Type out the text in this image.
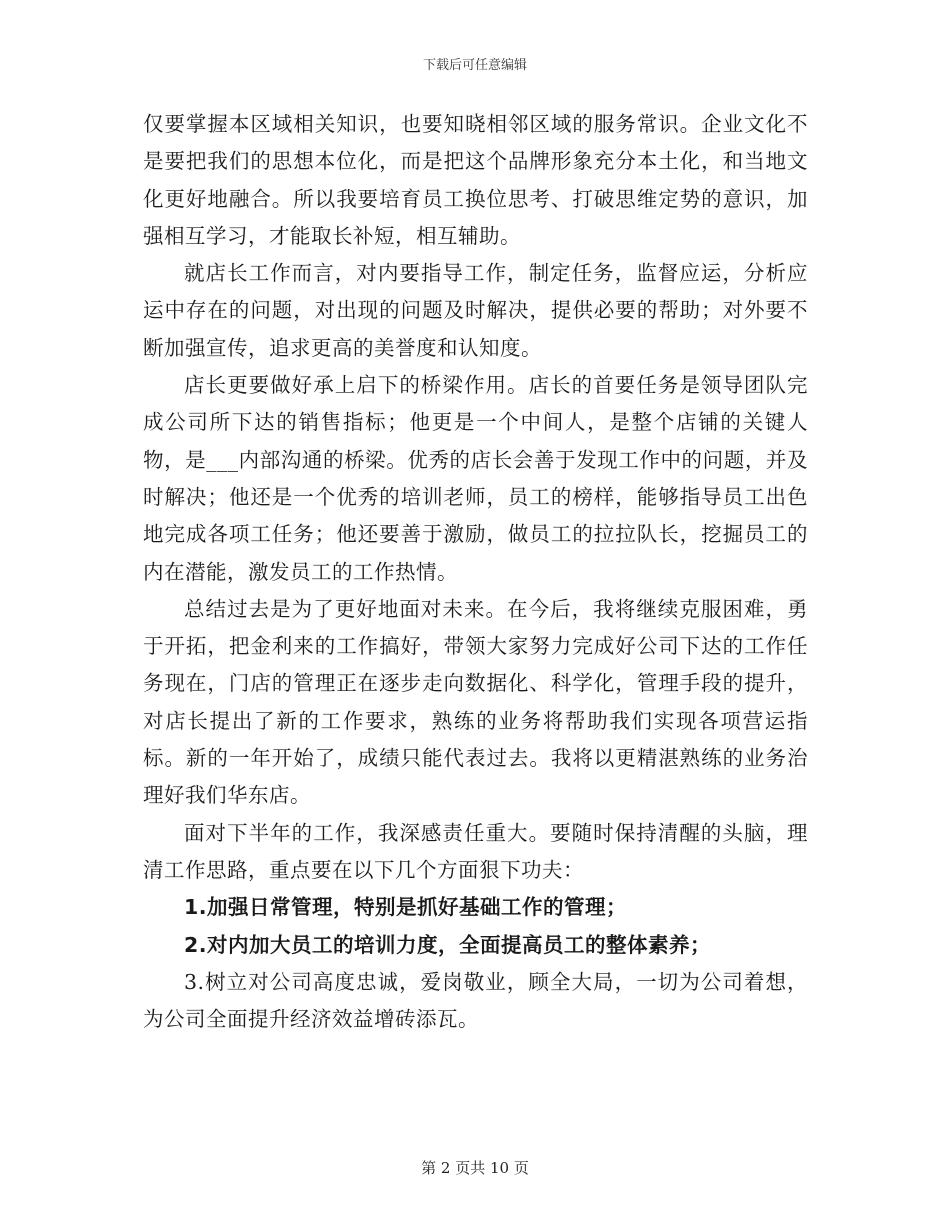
下载后可任意编辑

仅要掌握本区域相关知识，也要知晓相邻区域的服务常识。企业文化不是要把我们的思想本位化，而是把这个品牌形象充分本土化，和当地文化更好地融合。所以我要培育员工换位思考、打破思维定势的意识，加强相互学习，才能取长补短，相互辅助。

就店长工作而言，对内要指导工作，制定任务，监督应运，分析应运中存在的问题，对出现的问题及时解决，提供必要的帮助；对外要不断加强宣传，追求更高的美誉度和认知度。

店长更要做好承上启下的桥梁作用。店长的首要任务是领导团队完成公司所下达的销售指标；他更是一个中间人，是整个店铺的关键人物，是___内部沟通的桥梁。优秀的店长会善于发现工作中的问题，并及时解决；他还是一个优秀的培训老师，员工的榜样，能够指导员工出色地完成各项工任务；他还要善于激励，做员工的拉拉队长，挖掘员工的内在潜能，激发员工的工作热情。

总结过去是为了更好地面对未来。在今后，我将继续克服困难，勇于开拓，把金利来的工作搞好，带领大家努力完成好公司下达的工作任务现在，门店的管理正在逐步走向数据化、科学化，管理手段的提升，对店长提出了新的工作要求，熟练的业务将帮助我们实现各项营运指标。新的一年开始了，成绩只能代表过去。我将以更精湛熟练的业务治理好我们华东店。

面对下半年的工作，我深感责任重大。要随时保持清醒的头脑，理清工作思路，重点要在以下几个方面狠下功夫：

1.加强日常管理，特别是抓好基础工作的管理；

2.对内加大员工的培训力度，全面提高员工的整体素养；

3.树立对公司高度忠诚，爱岗敬业，顾全大局，一切为公司着想，为公司全面提升经济效益增砖添瓦。

第 2 页共 10 页
